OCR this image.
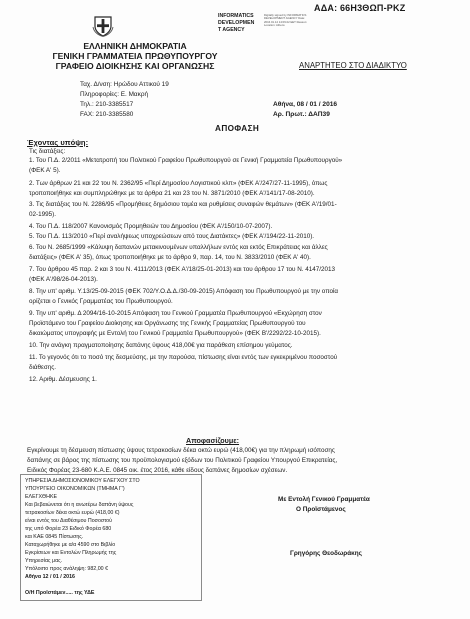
ΑΔΑ: 66Η3ΘΩΠ-ΡΚΖ
INFORMATICS
DEVELOPMEN
T AGENCY
Digitally signed by INFORMATICS DEVELOPMENT AGENCY Date: 2016.01.12 14:09:22 EET Reason: Location: Athens
ΕΛΛΗΝΙΚΗ ΔΗΜΟΚΡΑΤΙΑ
ΓΕΝΙΚΗ ΓΡΑΜΜΑΤΕΙΑ ΠΡΩΘΥΠΟΥΡΓΟΥ
ΓΡΑΦΕΙΟ ΔΙΟΙΚΗΣΗΣ ΚΑΙ ΟΡΓΑΝΩΣΗΣ	ΑΝΑΡΤΗΤΕΟ ΣΤΟ ΔΙΑΔΙΚΤΥΟ
Ταχ. Δ/νση: Ηρώδου Αττικού 19
Πληροφορίες: Ε. Μακρή
Τηλ.: 210-3385517
FAX: 210-3385580
Αθήνα, 08 / 01 / 2016
Αρ. Πρωτ.: ΔΑΠ39
ΑΠΟΦΑΣΗ
Έχοντας υπόψη:
Τις διατάξεις:
1. Του Π.Δ. 2/2011 «Μετατροπή του Πολιτικού Γραφείου Πρωθυπουργού σε Γενική Γραμματεία Πρωθυπουργού»
(ΦΕΚ Α' 5).
2. Των άρθρων 21 και 22 του Ν. 2362/95 «Περί Δημοσίου Λογιστικού κλπ» (ΦΕΚ Α'/247/27-11-1995), όπως
τροποποιήθηκε και συμπληρώθηκε με τα άρθρα 21 και 23 του Ν. 3871/2010 (ΦΕΚ Α'/141/17-08-2010).
3. Τις διατάξεις του Ν. 2286/95 «Προμήθειες δημόσιου τομέα και ρυθμίσεις συναφών θεμάτων» (ΦΕΚ Α'/19/01-
02-1995).
4. Του Π.Δ. 118/2007 Κανονισμός Προμηθειών του Δημοσίου (ΦΕΚ Α'/150/10-07-2007).
5. Του Π.Δ. 113/2010 «Περί αναλήψεως υποχρεώσεων από τους Διατάκτες» (ΦΕΚ Α'/194/22-11-2010).
6. Του Ν. 2685/1999 «Κάλυψη δαπανών μετακινουμένων υπαλλήλων εντός και εκτός Επικράτειας και άλλες
διατάξεις» (ΦΕΚ Α' 35), όπως τροποποιήθηκε με το άρθρο 9, παρ. 14, του Ν. 3833/2010 (ΦΕΚ Α' 40).
7. Του άρθρου 45 παρ. 2 και 3 του Ν. 4111/2013 (ΦΕΚ Α'/18/25-01-2013) και του άρθρου 17 του Ν. 4147/2013
(ΦΕΚ Α'/98/26-04-2013).
8. Την υπ' αριθμ. Υ.13/25-09-2015 (ΦΕΚ 702/Υ.Ο.Δ.Δ./30-09-2015) Απόφαση του Πρωθυπουργού με την οποία
ορίζεται ο Γενικός Γραμματέας του Πρωθυπουργού.
9. Την υπ' αριθμ. Δ 2094/16-10-2015 Απόφαση του Γενικού Γραμματέα Πρωθυπουργού «Εκχώρηση στον
Προϊστάμενο του Γραφείου Διοίκησης και Οργάνωσης της Γενικής Γραμματείας Πρωθυπουργού του
δικαιώματος υπογραφής με Εντολή του Γενικού Γραμματέα Πρωθυπουργού» (ΦΕΚ Β'/2292/22-10-2015).
10. Την ανάγκη πραγματοποίησης δαπάνης ύψους 418,00€ για παράθεση επίσημου γεύματος.
11. Το γεγονός ότι το ποσό της δεσμεύσης, με την παρούσα, πίστωσης είναι εντός των εγκεκριμένου ποσοστού
διάθεσης.
12. Αριθμ. Δέσμευσης 1.
Αποφασίζουμε:
Εγκρίνουμε τη δέσμευση πίστωσης ύψους τετρακοσίων δέκα οκτώ ευρώ (418,00€) για την πληρωμή ισόποσης
δαπάνης σε βάρος της πίστωσης του προϋπολογισμού εξόδων του Πολιτικού Γραφείου Υπουργού Επικρατείας,
Ειδικός Φορέας 23-680 Κ.Α.Ε. 0845 οικ. έτος 2016, κάθε είδους δαπάνες δημοσίων σχέσεων.
ΥΠΗΡΕΣΙΑ ΔΗΜΟΣΙΟΝΟΜΙΚΟΥ ΕΛΕΓΧΟΥ ΣΤΟ
ΥΠΟΥΡΓΕΙΟ ΟΙΚΟΝΟΜΙΚΩΝ (ΤΜΗΜΑ Γ')
ΕΛΕΓΧΘΗΚΕ
Και βεβαιώνεται ότι η ανωτέρω δαπάνη ύψους
τετρακοσίων δέκα οκτώ ευρώ (418,00 €)
είναι εντός του Διαθέσιμου Ποσοστού
της υπό Φορέα 23 Ειδικό Φορέα 680
και ΚΑΕ 0845 Πίστωσης.
Καταχωρήθηκε με α/α 4590 στο Βιβλίο
Εγκρίσεων και Εντολών Πληρωμής της
Υπηρεσίας μας.
Υπόλοιπο προς ανάληψη: 982,00 €
Αθήνα 12 / 01 / 2016
Ο/Η Προϊστάμεν..... της ΥΔΕ
Με Εντολή Γενικού Γραμματέα
Ο Προϊστάμενος
Γρηγόρης Θεοδωράκης
